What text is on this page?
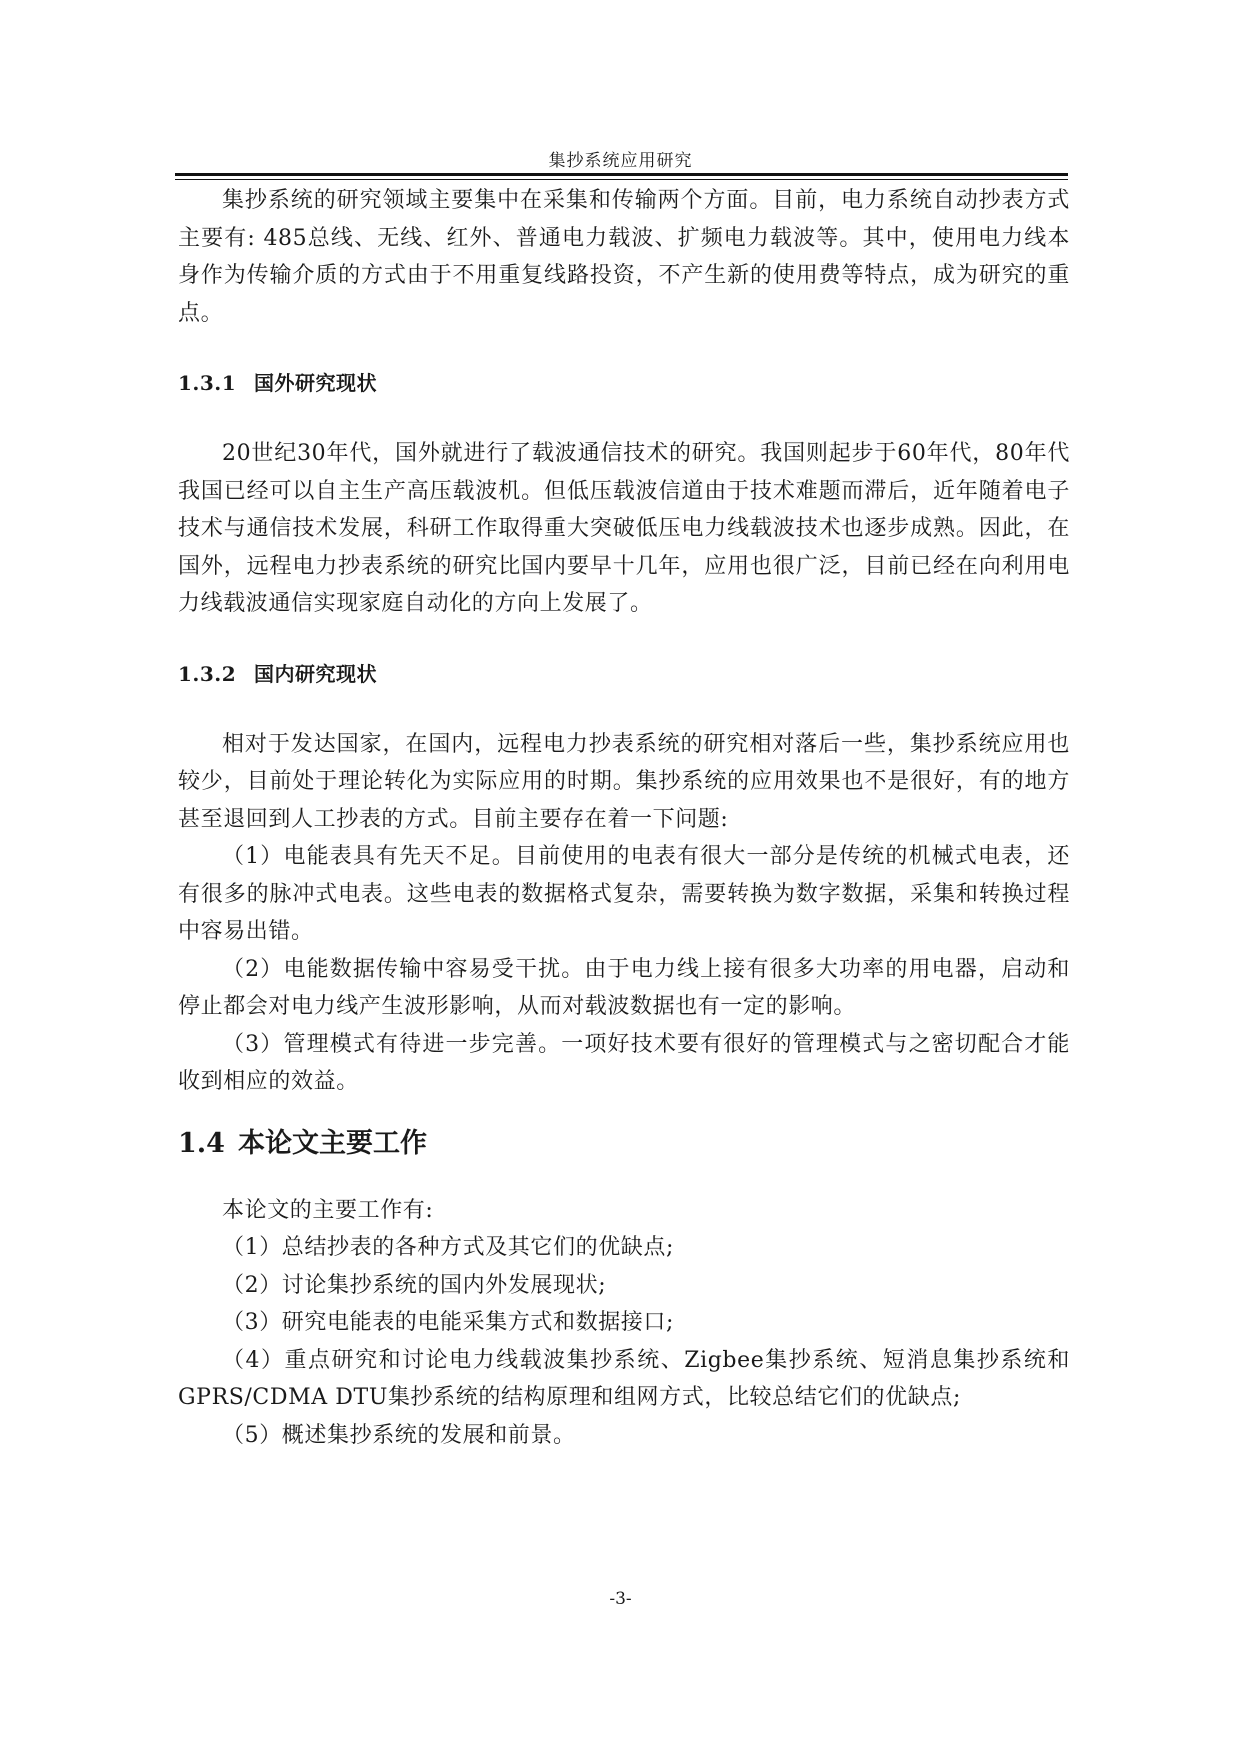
集抄系统应用研究

集抄系统的研究领域主要集中在采集和传输两个方面。目前，电力系统自动抄表方式主要有: 485总线、无线、红外、普通电力载波、扩频电力载波等。其中，使用电力线本身作为传输介质的方式由于不用重复线路投资，不产生新的使用费等特点，成为研究的重点。

1.3.1 国外研究现状

20世纪30年代，国外就进行了载波通信技术的研究。我国则起步于60年代，80年代我国已经可以自主生产高压载波机。但低压载波信道由于技术难题而滞后，近年随着电子技术与通信技术发展，科研工作取得重大突破低压电力线载波技术也逐步成熟。因此，在国外，远程电力抄表系统的研究比国内要早十几年，应用也很广泛，目前已经在向利用电力线载波通信实现家庭自动化的方向上发展了。

1.3.2 国内研究现状

相对于发达国家，在国内，远程电力抄表系统的研究相对落后一些，集抄系统应用也较少，目前处于理论转化为实际应用的时期。集抄系统的应用效果也不是很好，有的地方甚至退回到人工抄表的方式。目前主要存在着一下问题:

（1）电能表具有先天不足。目前使用的电表有很大一部分是传统的机械式电表，还有很多的脉冲式电表。这些电表的数据格式复杂，需要转换为数字数据，采集和转换过程中容易出错。

（2）电能数据传输中容易受干扰。由于电力线上接有很多大功率的用电器，启动和停止都会对电力线产生波形影响，从而对载波数据也有一定的影响。

（3）管理模式有待进一步完善。一项好技术要有很好的管理模式与之密切配合才能收到相应的效益。

1.4 本论文主要工作

本论文的主要工作有:

（1）总结抄表的各种方式及其它们的优缺点;

（2）讨论集抄系统的国内外发展现状;

（3）研究电能表的电能采集方式和数据接口;

（4）重点研究和讨论电力线载波集抄系统、Zigbee集抄系统、短消息集抄系统和GPRS/CDMA DTU集抄系统的结构原理和组网方式，比较总结它们的优缺点;

（5）概述集抄系统的发展和前景。

-3-
